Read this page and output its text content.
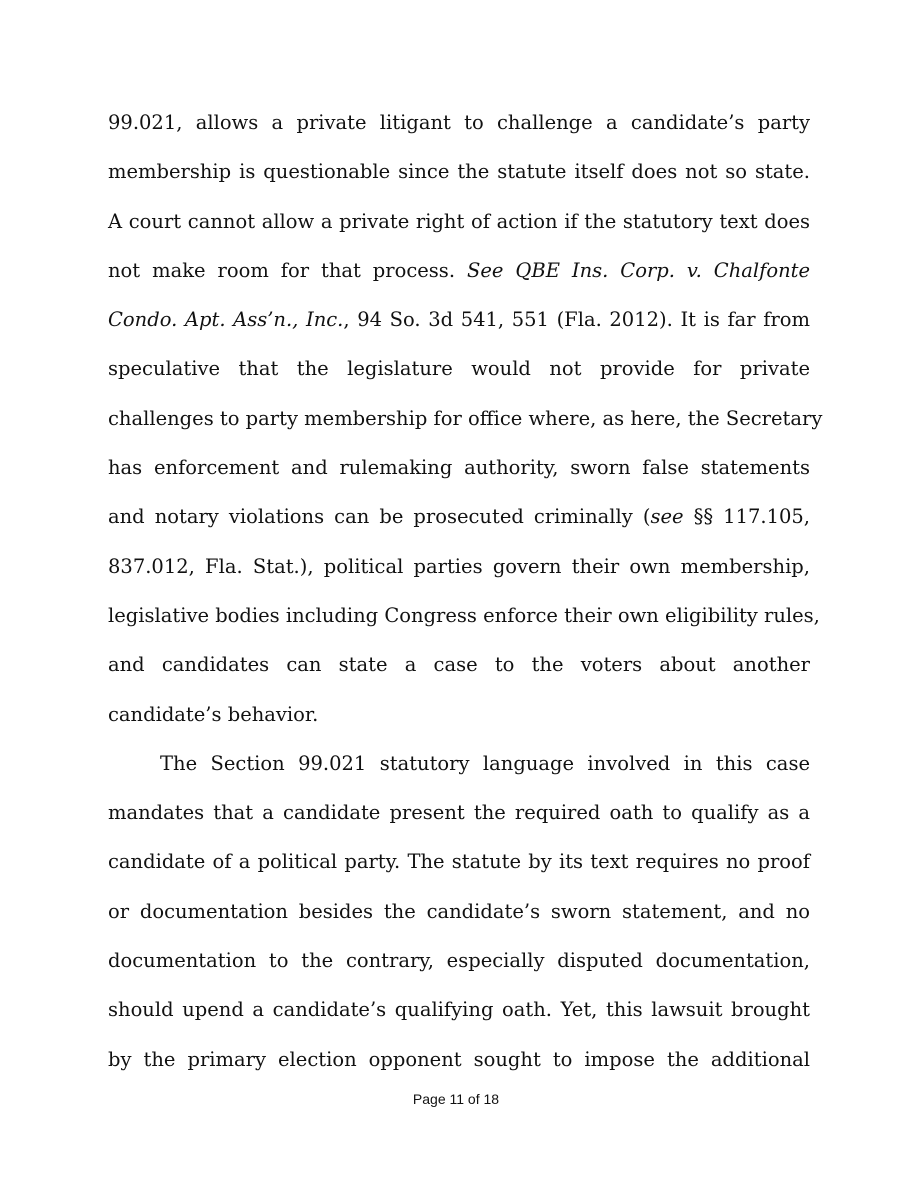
99.021, allows a private litigant to challenge a candidate’s party
membership is questionable since the statute itself does not so state.
A court cannot allow a private right of action if the statutory text does
not make room for that process. See QBE Ins. Corp. v. Chalfonte
Condo. Apt. Ass’n., Inc., 94 So. 3d 541, 551 (Fla. 2012). It is far from
speculative that the legislature would not provide for private
challenges to party membership for office where, as here, the Secretary
has enforcement and rulemaking authority, sworn false statements
and notary violations can be prosecuted criminally (see §§ 117.105,
837.012, Fla. Stat.), political parties govern their own membership,
legislative bodies including Congress enforce their own eligibility rules,
and candidates can state a case to the voters about another
candidate’s behavior.
The Section 99.021 statutory language involved in this case
mandates that a candidate present the required oath to qualify as a
candidate of a political party. The statute by its text requires no proof
or documentation besides the candidate’s sworn statement, and no
documentation to the contrary, especially disputed documentation,
should upend a candidate’s qualifying oath. Yet, this lawsuit brought
by the primary election opponent sought to impose the additional
Page 11 of 18
